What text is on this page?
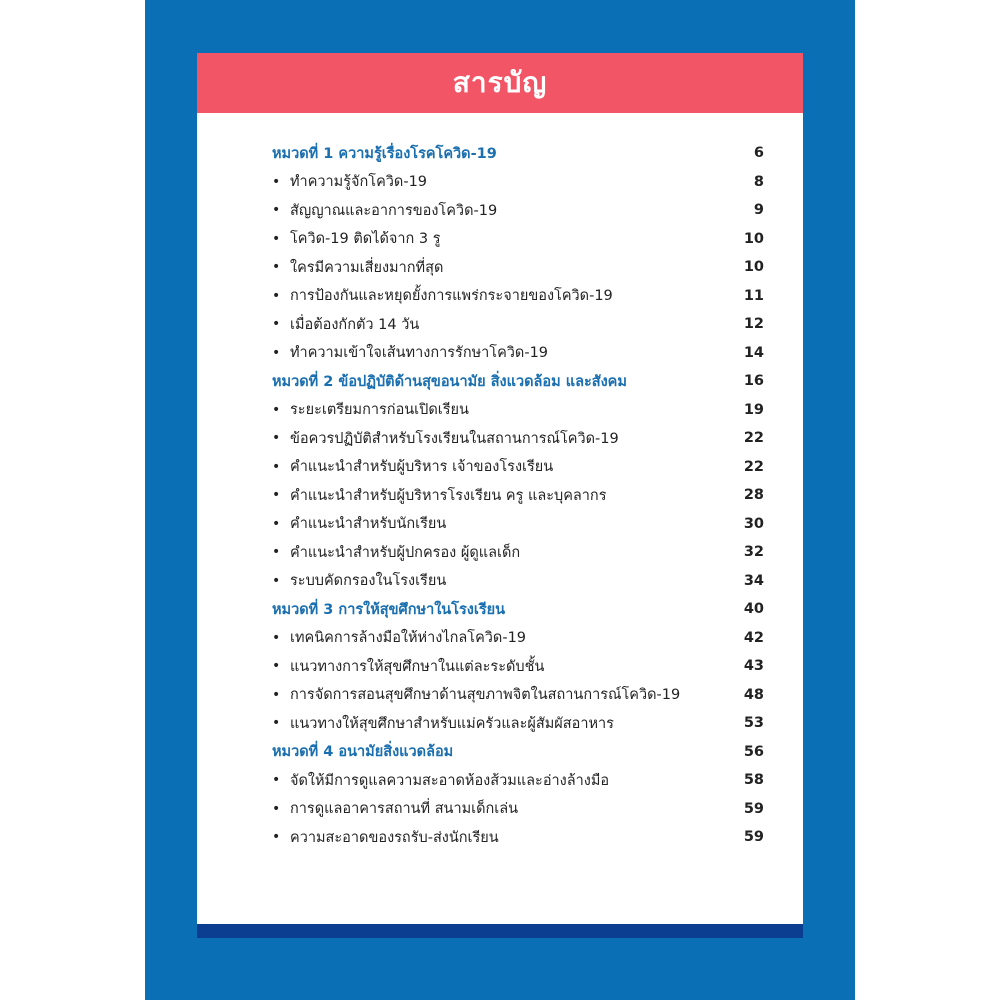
สารบัญ
หมวดที่ 1 ความรู้เรื่องโรคโควิด-19	6
• ทำความรู้จักโควิด-19	8
• สัญญาณและอาการของโควิด-19	9
• โควิด-19 ติดได้จาก 3 รู	10
• ใครมีความเสี่ยงมากที่สุด	10
• การป้องกันและหยุดยั้งการแพร่กระจายของโควิด-19	11
• เมื่อต้องกักตัว 14 วัน	12
• ทำความเข้าใจเส้นทางการรักษาโควิด-19	14
หมวดที่ 2 ข้อปฏิบัติด้านสุขอนามัย สิ่งแวดล้อม และสังคม	16
• ระยะเตรียมการก่อนเปิดเรียน	19
• ข้อควรปฏิบัติสำหรับโรงเรียนในสถานการณ์โควิด-19	22
• คำแนะนำสำหรับผู้บริหาร เจ้าของโรงเรียน	22
• คำแนะนำสำหรับผู้บริหารโรงเรียน ครู และบุคลากร	28
• คำแนะนำสำหรับนักเรียน	30
• คำแนะนำสำหรับผู้ปกครอง ผู้ดูแลเด็ก	32
• ระบบคัดกรองในโรงเรียน	34
หมวดที่ 3 การให้สุขศึกษาในโรงเรียน	40
• เทคนิคการล้างมือให้ห่างไกลโควิด-19	42
• แนวทางการให้สุขศึกษาในแต่ละระดับชั้น	43
• การจัดการสอนสุขศึกษาด้านสุขภาพจิตในสถานการณ์โควิด-19	48
• แนวทางให้สุขศึกษาสำหรับแม่ครัวและผู้สัมผัสอาหาร	53
หมวดที่ 4 อนามัยสิ่งแวดล้อม	56
• จัดให้มีการดูแลความสะอาดห้องส้วมและอ่างล้างมือ	58
• การดูแลอาคารสถานที่ สนามเด็กเล่น	59
• ความสะอาดของรถรับ-ส่งนักเรียน	59
